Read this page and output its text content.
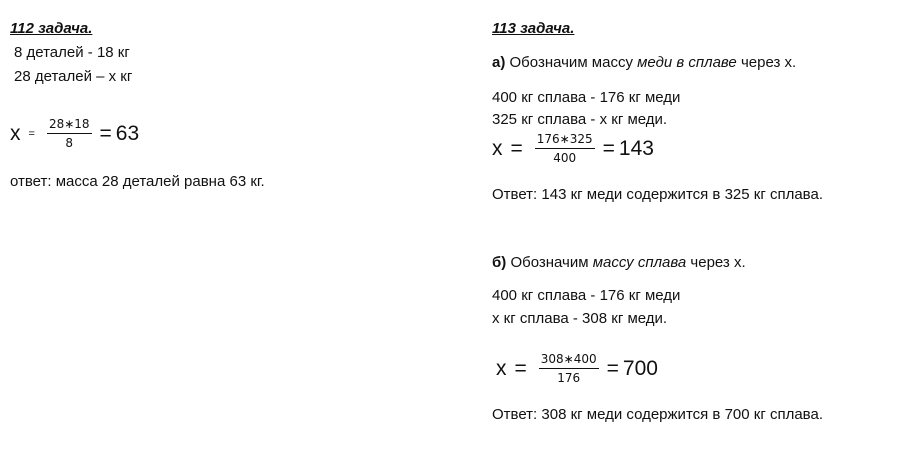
112 задача.
8 деталей - 18 кг
28 деталей – х кг
$x = \frac{28∗18}{8} = 63$
ответ: масса 28 деталей равна 63 кг.
113 задача.
а) Обозначим массу меди в сплаве через х.
400 кг сплава - 176 кг меди
325 кг сплава - х кг меди.
$x = \frac{176∗325}{400} = 143$
Ответ: 143 кг меди содержится в 325 кг сплава.
б) Обозначим массу сплава через х.
400 кг сплава - 176 кг меди
х кг сплава - 308 кг меди.
$x = \frac{308∗400}{176} = 700$
Ответ: 308 кг меди содержится в 700 кг сплава.
